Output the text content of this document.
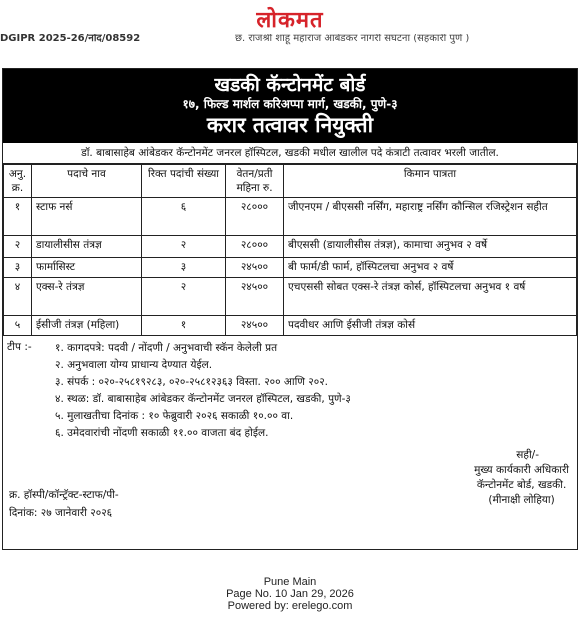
लोकमत
DGIPR 2025-26/नोंद/08592	छ. राजश्री शाहू महाराज आंबेडकर नागरी संघटना (सहकारी पुणे )
खडकी कॅन्टोनमेंट बोर्ड
१७, फिल्ड मार्शल करिअप्पा मार्ग, खडकी, पुणे-३
करार तत्वावर नियुक्ती
डॉ. बाबासाहेब आंबेडकर कॅन्टोनमेंट जनरल हॉस्पिटल, खडकी मधील खालील पदे कंत्राटी तत्वावर भरली जातील.
अनु. क्र.	पदाचे नाव	रिक्त पदांची संख्या	वेतन/प्रती महिना रु.	किमान पात्रता
१	स्टाफ नर्स	६	२८०००	जीएनएम / बीएससी नर्सिंग, महाराष्ट्र नर्सिंग कौन्सिल रजिस्ट्रेशन सहीत
२	डायालीसीस तंत्रज्ञ	२	२८०००	बीएससी (डायालीसीस तंत्रज्ञ), कामाचा अनुभव २ वर्षे
३	फार्मासिस्ट	३	२४५००	बी फार्म/डी फार्म, हॉस्पिटलचा अनुभव २ वर्षे
४	एक्स-रे तंत्रज्ञ	२	२४५००	एचएससी सोबत एक्स-रे तंत्रज्ञ कोर्स, हॉस्पिटलचा अनुभव १ वर्ष
५	ईसीजी तंत्रज्ञ (महिला)	१	२४५००	पदवीधर आणि ईसीजी तंत्रज्ञ कोर्स
टीप :- १. कागदपत्रे: पदवी / नोंदणी / अनुभवाची स्कॅन केलेली प्रत
२. अनुभवाला योग्य प्राधान्य देण्यात येईल.
३. संपर्क : ०२०-२५८१९२८३, ०२०-२५८१२३६३ विस्ता. २०० आणि २०२.
४. स्थळ: डॉ. बाबासाहेब आंबेडकर कॅन्टोनमेंट जनरल हॉस्पिटल, खडकी, पुणे-३
५. मुलाखतीचा दिनांक : १० फेब्रुवारी २०२६ सकाळी १०.०० वा.
६. उमेदवारांची नोंदणी सकाळी ११.०० वाजता बंद होईल.
सही/-
मुख्य कार्यकारी अधिकारी
कॅन्टोनमेंट बोर्ड, खडकी.
(मीनाक्षी लोहिया)
क्र. हॉस्पी/कॉन्ट्रॅक्ट-स्टाफ/पी-
दिनांक: २७ जानेवारी २०२६
Pune Main
Page No. 10 Jan 29, 2026
Powered by: erelego.com
